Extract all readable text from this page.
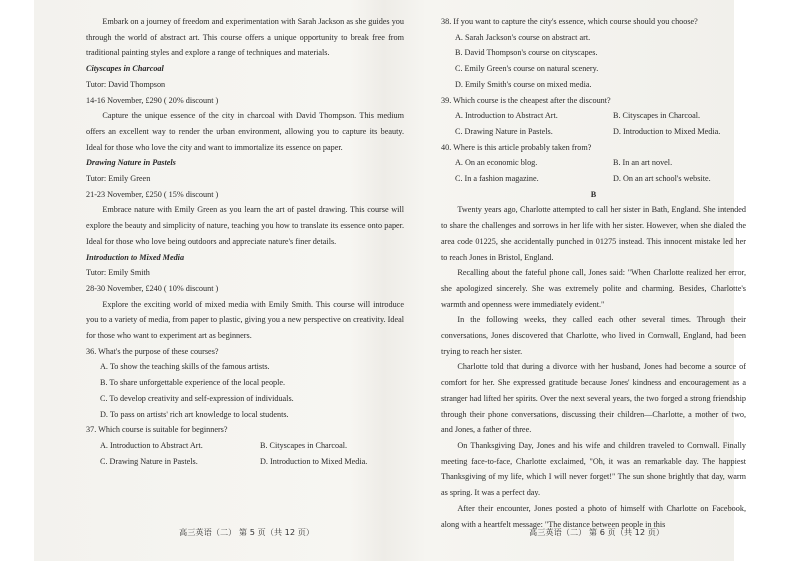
Embark on a journey of freedom and experimentation with Sarah Jackson as she guides you through the world of abstract art. This course offers a unique opportunity to break free from traditional painting styles and explore a range of techniques and materials.

Cityscapes in Charcoal

Tutor: David Thompson

14-16 November, £290 ( 20% discount )

Capture the unique essence of the city in charcoal with David Thompson. This medium offers an excellent way to render the urban environment, allowing you to capture its beauty. Ideal for those who love the city and want to immortalize its essence on paper.

Drawing Nature in Pastels

Tutor: Emily Green

21-23 November, £250 ( 15% discount )

Embrace nature with Emily Green as you learn the art of pastel drawing. This course will explore the beauty and simplicity of nature, teaching you how to translate its essence onto paper. Ideal for those who love being outdoors and appreciate nature's finer details.

Introduction to Mixed Media

Tutor: Emily Smith

28-30 November, £240 ( 10% discount )

Explore the exciting world of mixed media with Emily Smith. This course will introduce you to a variety of media, from paper to plastic, giving you a new perspective on creativity. Ideal for those who want to experiment art as beginners.

36. What's the purpose of these courses?

A. To show the teaching skills of the famous artists.

B. To share unforgettable experience of the local people.

C. To develop creativity and self-expression of individuals.

D. To pass on artists' rich art knowledge to local students.

37. Which course is suitable for beginners?

A. Introduction to Abstract Art.	B. Cityscapes in Charcoal.
C. Drawing Nature in Pastels.	D. Introduction to Mixed Media.

38. If you want to capture the city's essence, which course should you choose?

A. Sarah Jackson's course on abstract art.

B. David Thompson's course on cityscapes.

C. Emily Green's course on natural scenery.

D. Emily Smith's course on mixed media.

39. Which course is the cheapest after the discount?

A. Introduction to Abstract Art.	B. Cityscapes in Charcoal.
C. Drawing Nature in Pastels.	D. Introduction to Mixed Media.

40. Where is this article probably taken from?

A. On an economic blog.	B. In an art novel.
C. In a fashion magazine.	D. On an art school's website.

B

Twenty years ago, Charlotte attempted to call her sister in Bath, England. She intended to share the challenges and sorrows in her life with her sister. However, when she dialed the area code 01225, she accidentally punched in 01275 instead. This innocent mistake led her to reach Jones in Bristol, England.

Recalling about the fateful phone call, Jones said: "When Charlotte realized her error, she apologized sincerely. She was extremely polite and charming. Besides, Charlotte's warmth and openness were immediately evident."

In the following weeks, they called each other several times. Through their conversations, Jones discovered that Charlotte, who lived in Cornwall, England, had been trying to reach her sister.

Charlotte told that during a divorce with her husband, Jones had become a source of comfort for her. She expressed gratitude because Jones' kindness and encouragement as a stranger had lifted her spirits. Over the next several years, the two forged a strong friendship through their phone conversations, discussing their children—Charlotte, a mother of two, and Jones, a father of three.

On Thanksgiving Day, Jones and his wife and children traveled to Cornwall. Finally meeting face-to-face, Charlotte exclaimed, "Oh, it was an remarkable day. The happiest Thanksgiving of my life, which I will never forget!" The sun shone brightly that day, warm as spring. It was a perfect day.

After their encounter, Jones posted a photo of himself with Charlotte on Facebook, along with a heartfelt message: "The distance between people in this

高三英语（二） 第 5 页（共 12 页）	高三英语（二） 第 6 页（共 12 页）
